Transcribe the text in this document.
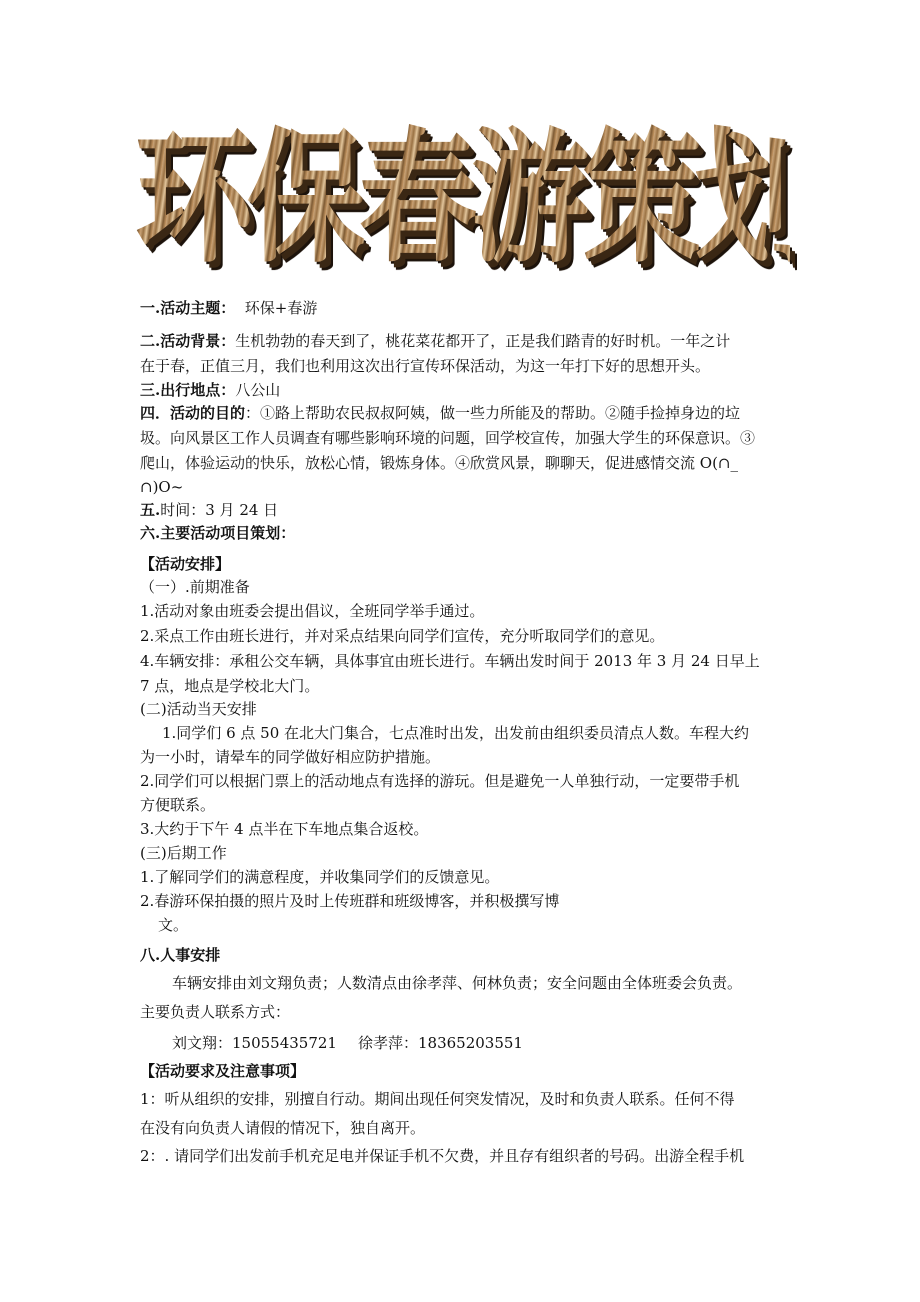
环保春游策划
一.活动主题： 环保+春游
二.活动背景：生机勃勃的春天到了，桃花菜花都开了，正是我们踏青的好时机。一年之计
在于春，正值三月，我们也利用这次出行宣传环保活动，为这一年打下好的思想开头。
三.出行地点：八公山
四．活动的目的：①路上帮助农民叔叔阿姨，做一些力所能及的帮助。②随手捡掉身边的垃
圾。向风景区工作人员调查有哪些影响环境的问题，回学校宣传，加强大学生的环保意识。③
爬山，体验运动的快乐，放松心情，锻炼身体。④欣赏风景，聊聊天，促进感情交流 O(∩_
∩)O~
五.时间：3 月 24 日
六.主要活动项目策划：
【活动安排】
（一）.前期准备
1.活动对象由班委会提出倡议，全班同学举手通过。
2.采点工作由班长进行，并对采点结果向同学们宣传，充分听取同学们的意见。
4.车辆安排：承租公交车辆，具体事宜由班长进行。车辆出发时间于 2013 年 3 月 24 日早上
7 点，地点是学校北大门。
(二)活动当天安排
1.同学们 6 点 50 在北大门集合，七点准时出发，出发前由组织委员清点人数。车程大约
为一小时，请晕车的同学做好相应防护措施。
2.同学们可以根据门票上的活动地点有选择的游玩。但是避免一人单独行动，一定要带手机
方便联系。
3.大约于下午 4 点半在下车地点集合返校。
(三)后期工作
1.了解同学们的满意程度，并收集同学们的反馈意见。
2.春游环保拍摄的照片及时上传班群和班级博客，并积极撰写博
文。
八.人事安排
车辆安排由刘文翔负责；人数清点由徐孝萍、何林负责；安全问题由全体班委会负责。
主要负责人联系方式：
刘文翔：15055435721 徐孝萍：18365203551
【活动要求及注意事项】
1：听从组织的安排，别擅自行动。期间出现任何突发情况，及时和负责人联系。任何不得
在没有向负责人请假的情况下，独自离开。
2：. 请同学们出发前手机充足电并保证手机不欠费，并且存有组织者的号码。出游全程手机
